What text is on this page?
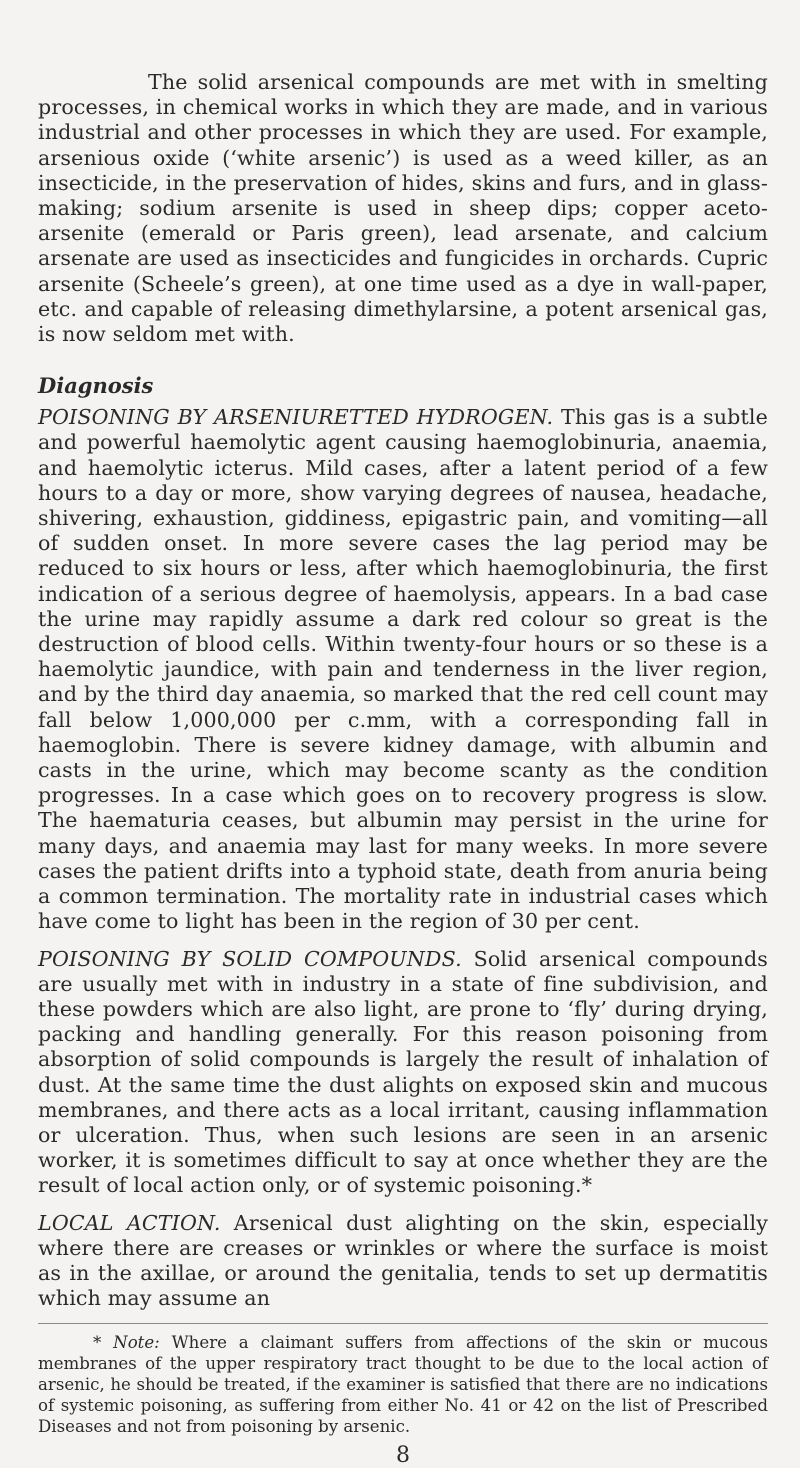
The solid arsenical compounds are met with in smelting processes, in chemical works in which they are made, and in various industrial and other processes in which they are used. For example, arsenious oxide (‘white arsenic’) is used as a weed killer, as an insecticide, in the preservation of hides, skins and furs, and in glass-making; sodium arsenite is used in sheep dips; copper aceto-arsenite (emerald or Paris green), lead arsenate, and calcium arsenate are used as insecticides and fungicides in orchards. Cupric arsenite (Scheele’s green), at one time used as a dye in wall-paper, etc. and capable of releasing dimethylarsine, a potent arsenical gas, is now seldom met with.

Diagnosis

POISONING BY ARSENIURETTED HYDROGEN. This gas is a subtle and powerful haemolytic agent causing haemoglobinuria, anaemia, and haemolytic icterus. Mild cases, after a latent period of a few hours to a day or more, show varying degrees of nausea, headache, shivering, exhaustion, giddiness, epigastric pain, and vomiting—all of sudden onset. In more severe cases the lag period may be reduced to six hours or less, after which haemoglobinuria, the first indication of a serious degree of haemolysis, appears. In a bad case the urine may rapidly assume a dark red colour so great is the destruction of blood cells. Within twenty-four hours or so these is a haemolytic jaundice, with pain and tenderness in the liver region, and by the third day anaemia, so marked that the red cell count may fall below 1,000,000 per c.mm, with a corresponding fall in haemoglobin. There is severe kidney damage, with albumin and casts in the urine, which may become scanty as the condition progresses. In a case which goes on to recovery progress is slow. The haematuria ceases, but albumin may persist in the urine for many days, and anaemia may last for many weeks. In more severe cases the patient drifts into a typhoid state, death from anuria being a common termination. The mortality rate in industrial cases which have come to light has been in the region of 30 per cent.

POISONING BY SOLID COMPOUNDS. Solid arsenical compounds are usually met with in industry in a state of fine subdivision, and these powders which are also light, are prone to ‘fly’ during drying, packing and handling generally. For this reason poisoning from absorption of solid compounds is largely the result of inhalation of dust. At the same time the dust alights on exposed skin and mucous membranes, and there acts as a local irritant, causing inflammation or ulceration. Thus, when such lesions are seen in an arsenic worker, it is sometimes difficult to say at once whether they are the result of local action only, or of systemic poisoning.*

LOCAL ACTION. Arsenical dust alighting on the skin, especially where there are creases or wrinkles or where the surface is moist as in the axillae, or around the genitalia, tends to set up dermatitis which may assume an

* Note: Where a claimant suffers from affections of the skin or mucous membranes of the upper respiratory tract thought to be due to the local action of arsenic, he should be treated, if the examiner is satisfied that there are no indications of systemic poisoning, as suffering from either No. 41 or 42 on the list of Prescribed Diseases and not from poisoning by arsenic.

8
